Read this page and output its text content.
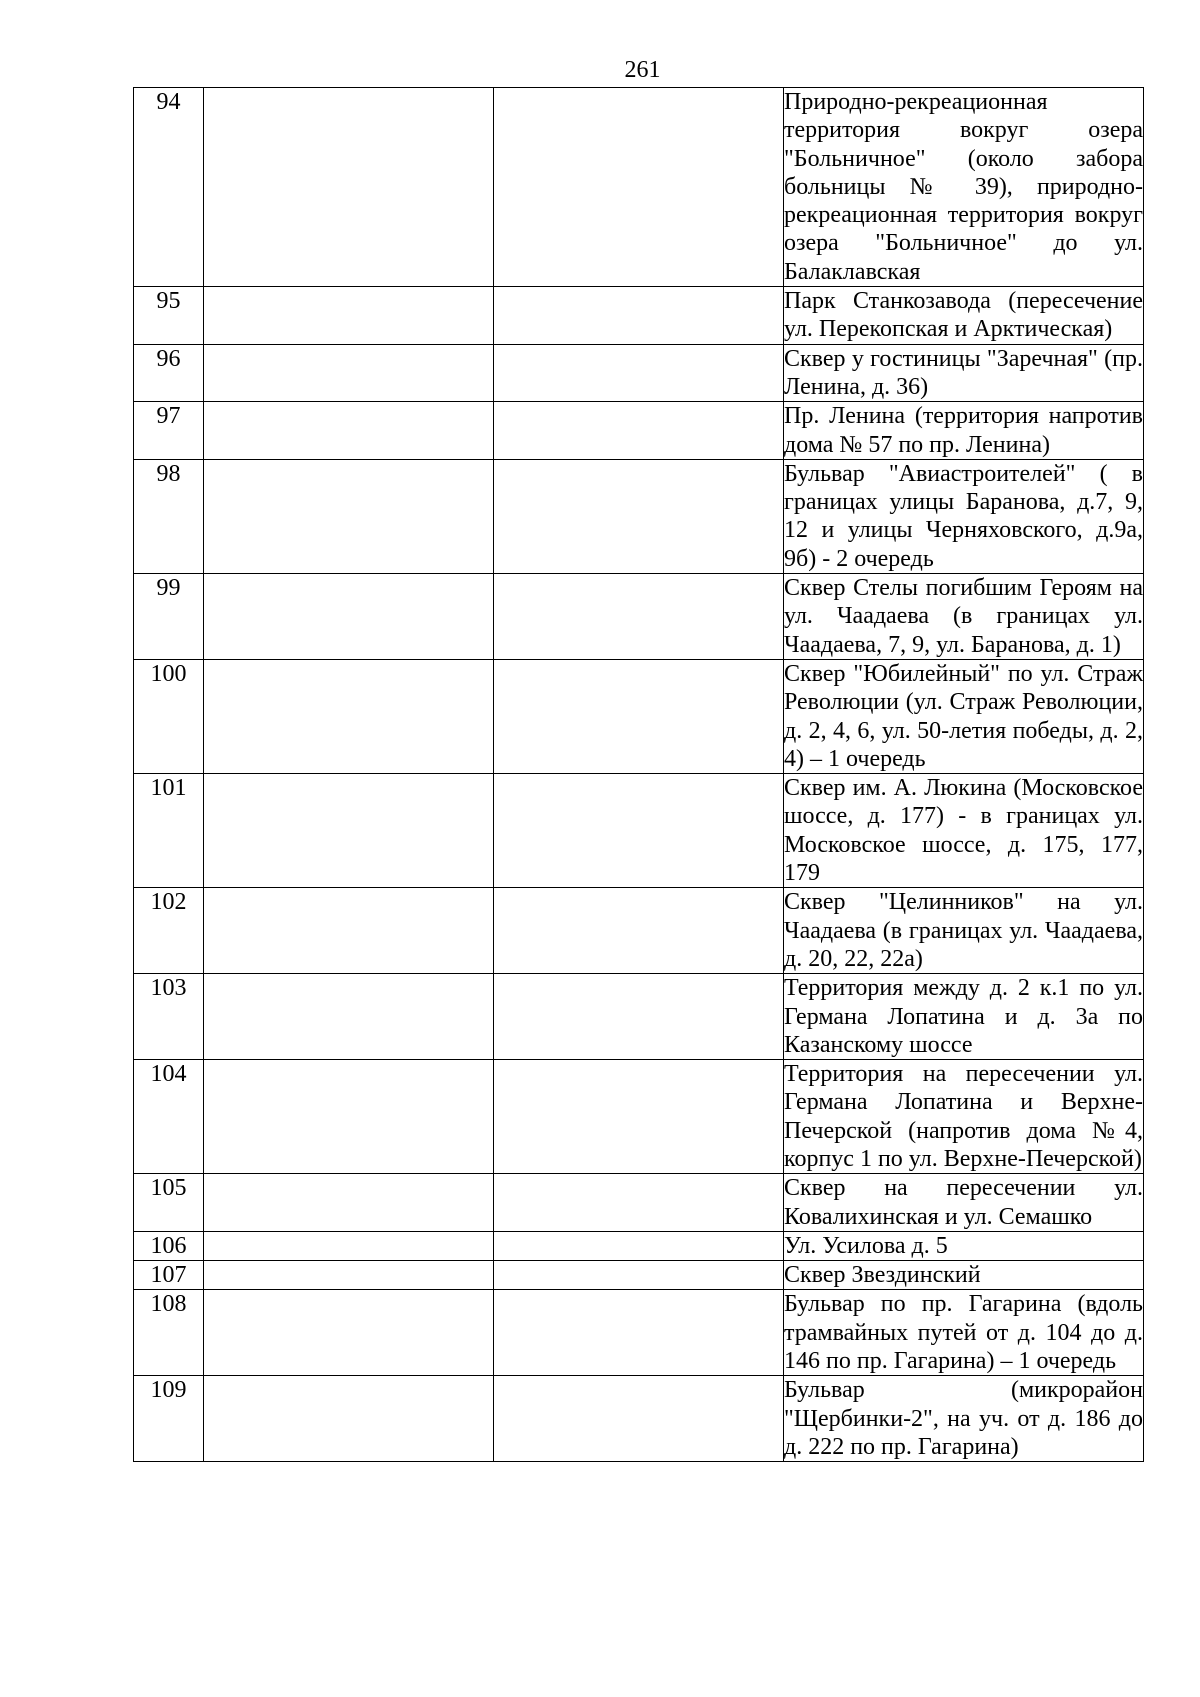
261
94			Природно-рекреационная территория вокруг озера "Больничное" (около забора больницы № 39), природно-рекреационная территория вокруг озера "Больничное" до ул. Балаклавская

95			Парк Станкозавода (пересечение ул. Перекопская и Арктическая)

96			Сквер у гостиницы "Заречная" (пр. Ленина, д. 36)

97			Пр. Ленина (территория напротив дома № 57 по пр. Ленина)

98			Бульвар "Авиастроителей" ( в границах улицы Баранова, д.7, 9, 12 и улицы Черняховского, д.9а, 9б) - 2 очередь

99			Сквер Стелы погибшим Героям на ул. Чаадаева (в границах ул. Чаадаева, 7, 9, ул. Баранова, д. 1)

100			Сквер "Юбилейный" по ул. Страж Революции (ул. Страж Революции, д. 2, 4, 6, ул. 50-летия победы, д. 2, 4) – 1 очередь

101			Сквер им. А. Люкина (Московское шоссе, д. 177) - в границах ул. Московское шоссе, д. 175, 177, 179

102			Сквер "Целинников" на ул. Чаадаева (в границах ул. Чаадаева, д. 20, 22, 22а)

103			Территория между д. 2 к.1 по ул. Германа Лопатина и д. 3а по Казанскому шоссе

104			Территория на пересечении ул. Германа Лопатина и Верхне-Печерской (напротив дома №4, корпус 1 по ул. Верхне-Печерской)

105			Сквер на пересечении ул. Ковалихинская и ул. Семашко

106			Ул. Усилова д. 5

107			Сквер Звездинский

108			Бульвар по пр. Гагарина (вдоль трамвайных путей от д. 104 до д. 146 по пр. Гагарина) – 1 очередь

109			Бульвар (микрорайон "Щербинки-2", на уч. от д. 186 до д. 222 по пр. Гагарина)
